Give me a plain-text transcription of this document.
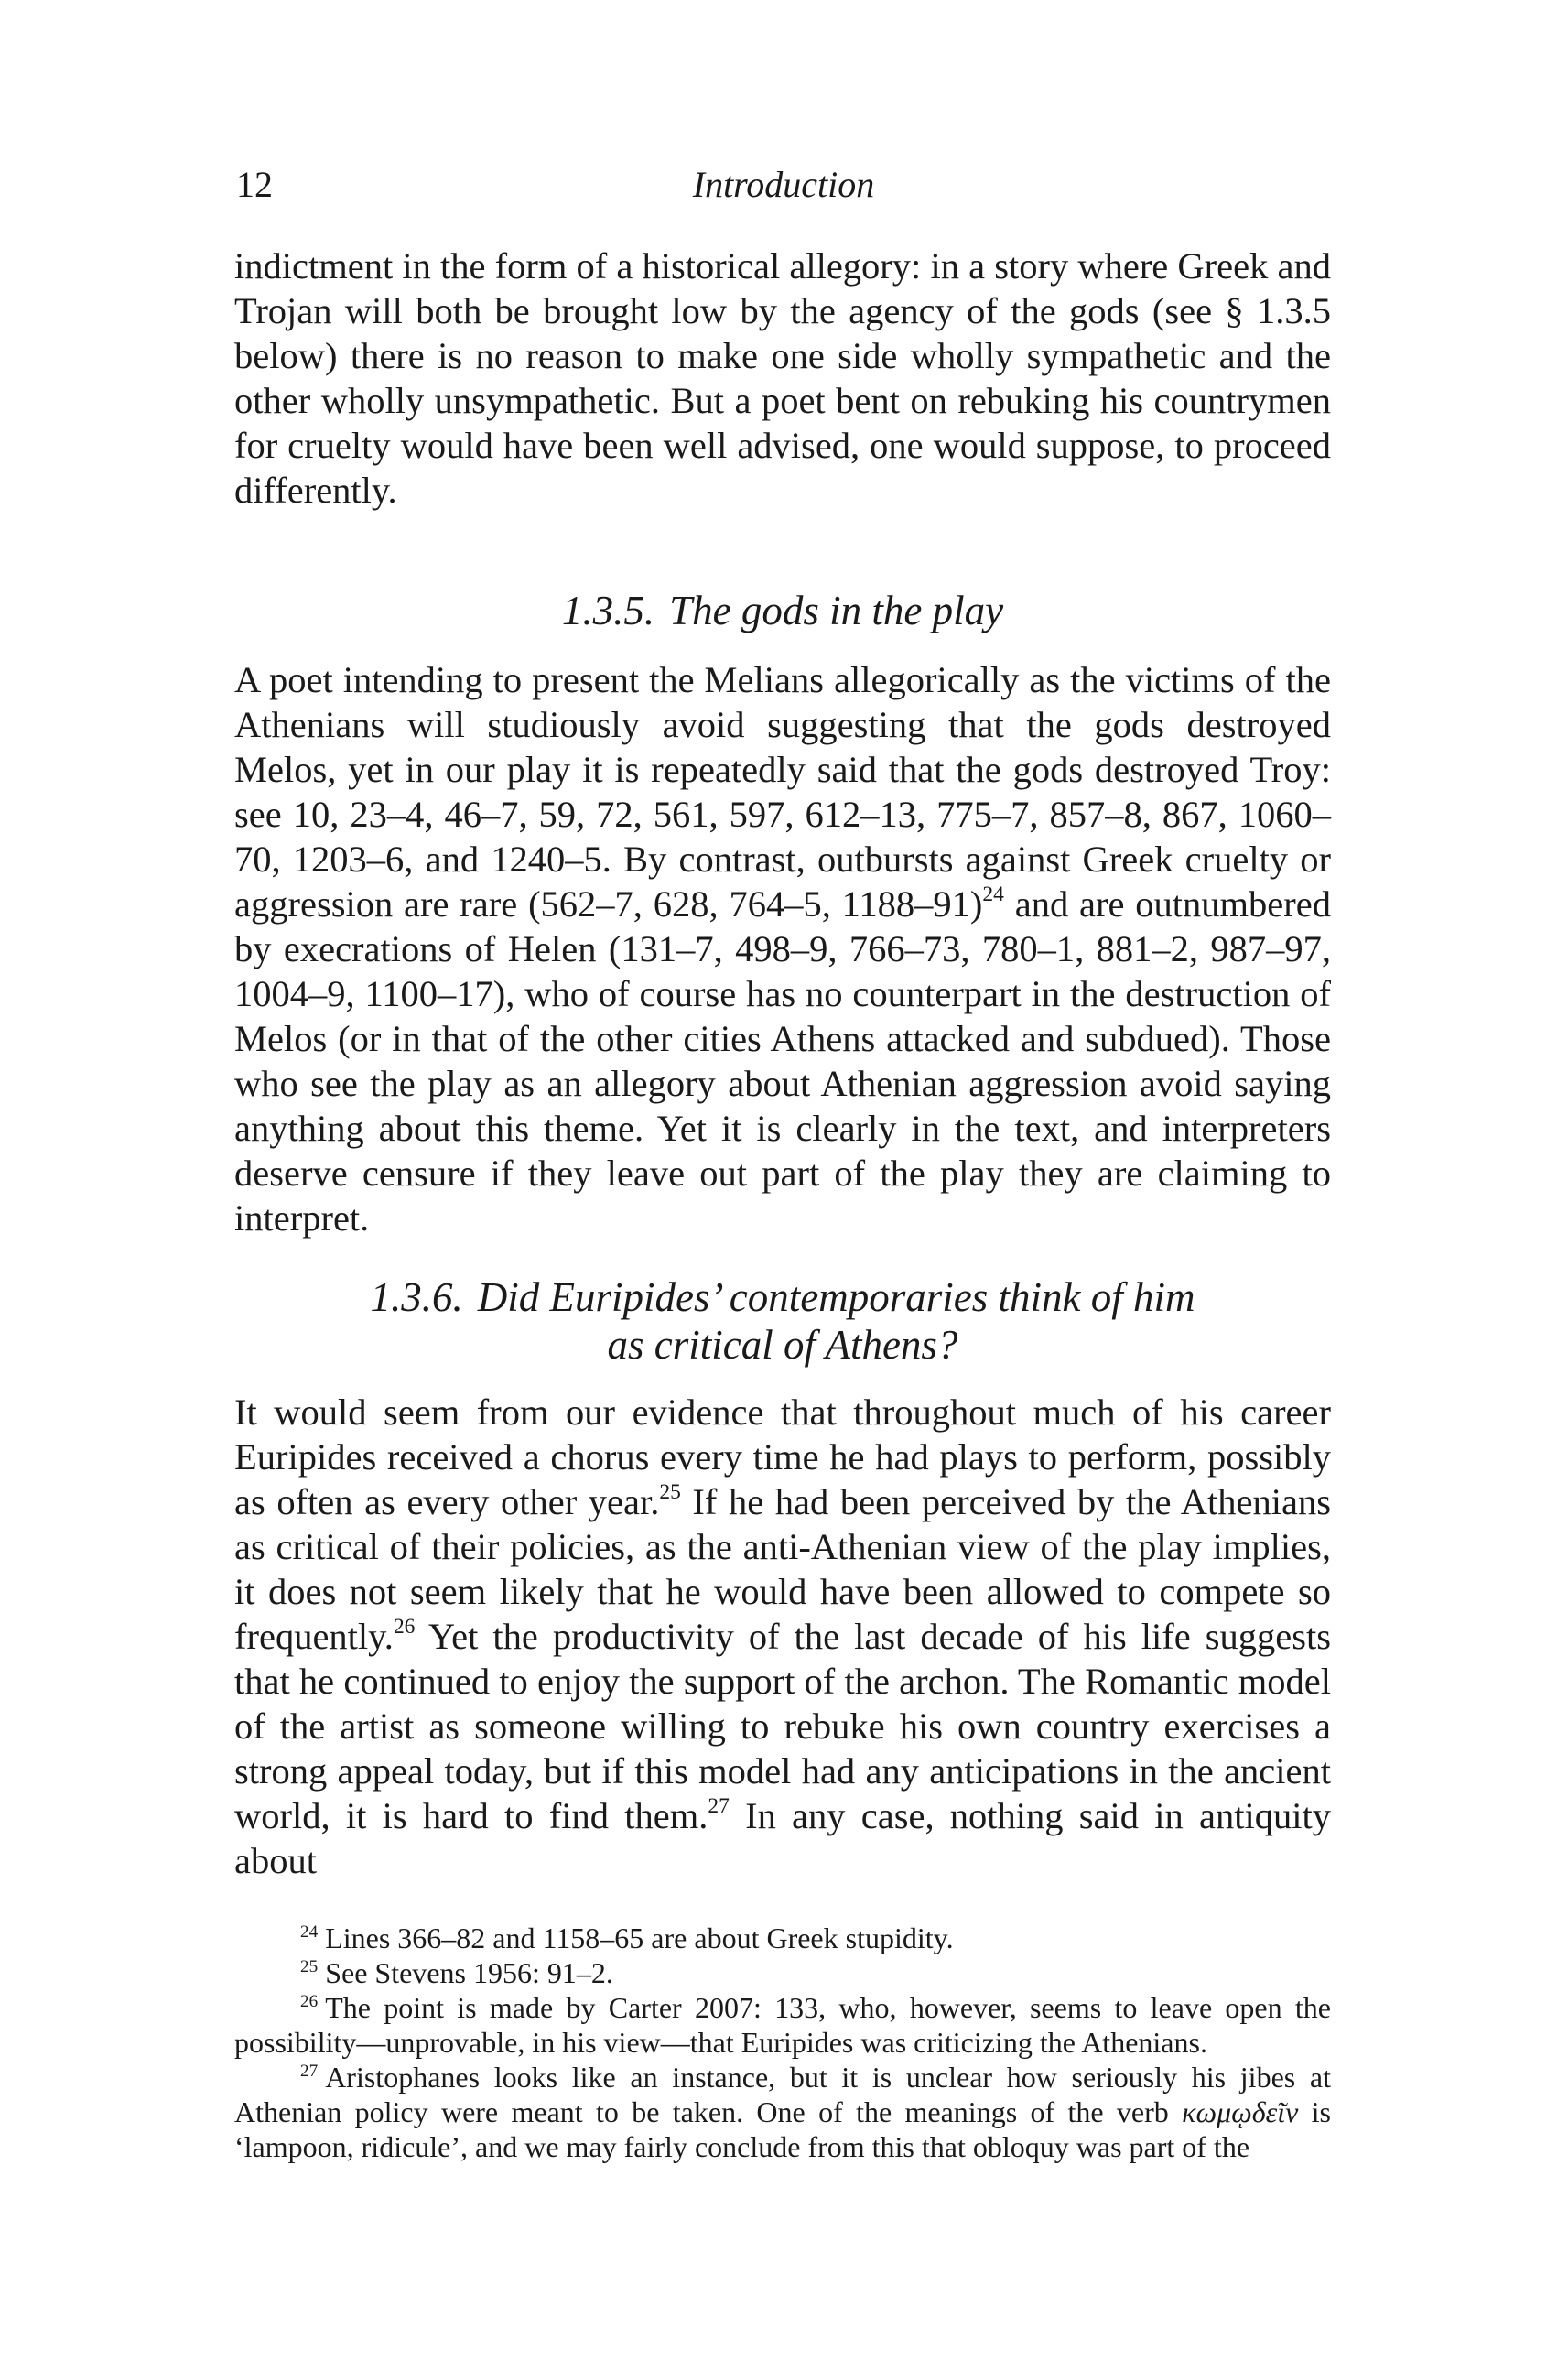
12	Introduction

indictment in the form of a historical allegory: in a story where Greek and Trojan will both be brought low by the agency of the gods (see § 1.3.5 below) there is no reason to make one side wholly sympathetic and the other wholly unsympathetic. But a poet bent on rebuking his countrymen for cruelty would have been well advised, one would suppose, to proceed differently.

1.3.5. The gods in the play

A poet intending to present the Melians allegorically as the victims of the Athenians will studiously avoid suggesting that the gods destroyed Melos, yet in our play it is repeatedly said that the gods destroyed Troy: see 10, 23–4, 46–7, 59, 72, 561, 597, 612–13, 775–7, 857–8, 867, 1060–70, 1203–6, and 1240–5. By contrast, outbursts against Greek cruelty or aggression are rare (562–7, 628, 764–5, 1188–91)$^{24}$ and are outnumbered by execrations of Helen (131–7, 498–9, 766–73, 780–1, 881–2, 987–97, 1004–9, 1100–17), who of course has no counterpart in the destruction of Melos (or in that of the other cities Athens attacked and subdued). Those who see the play as an allegory about Athenian aggression avoid saying anything about this theme. Yet it is clearly in the text, and interpreters deserve censure if they leave out part of the play they are claiming to interpret.

1.3.6. Did Euripides’ contemporaries think of him
as critical of Athens?

It would seem from our evidence that throughout much of his career Euripides received a chorus every time he had plays to perform, possibly as often as every other year.$^{25}$ If he had been perceived by the Athenians as critical of their policies, as the anti-Athenian view of the play implies, it does not seem likely that he would have been allowed to compete so frequently.$^{26}$ Yet the productivity of the last decade of his life suggests that he continued to enjoy the support of the archon. The Romantic model of the artist as someone willing to rebuke his own country exercises a strong appeal today, but if this model had any anticipations in the ancient world, it is hard to find them.$^{27}$ In any case, nothing said in antiquity about

$^{24}$ Lines 366–82 and 1158–65 are about Greek stupidity.

$^{25}$ See Stevens 1956: 91–2.

$^{26}$ The point is made by Carter 2007: 133, who, however, seems to leave open the possibility—unprovable, in his view—that Euripides was criticizing the Athenians.

$^{27}$ Aristophanes looks like an instance, but it is unclear how seriously his jibes at Athenian policy were meant to be taken. One of the meanings of the verb κωμῳδεῖν is ‘lampoon, ridicule’, and we may fairly conclude from this that obloquy was part of the
